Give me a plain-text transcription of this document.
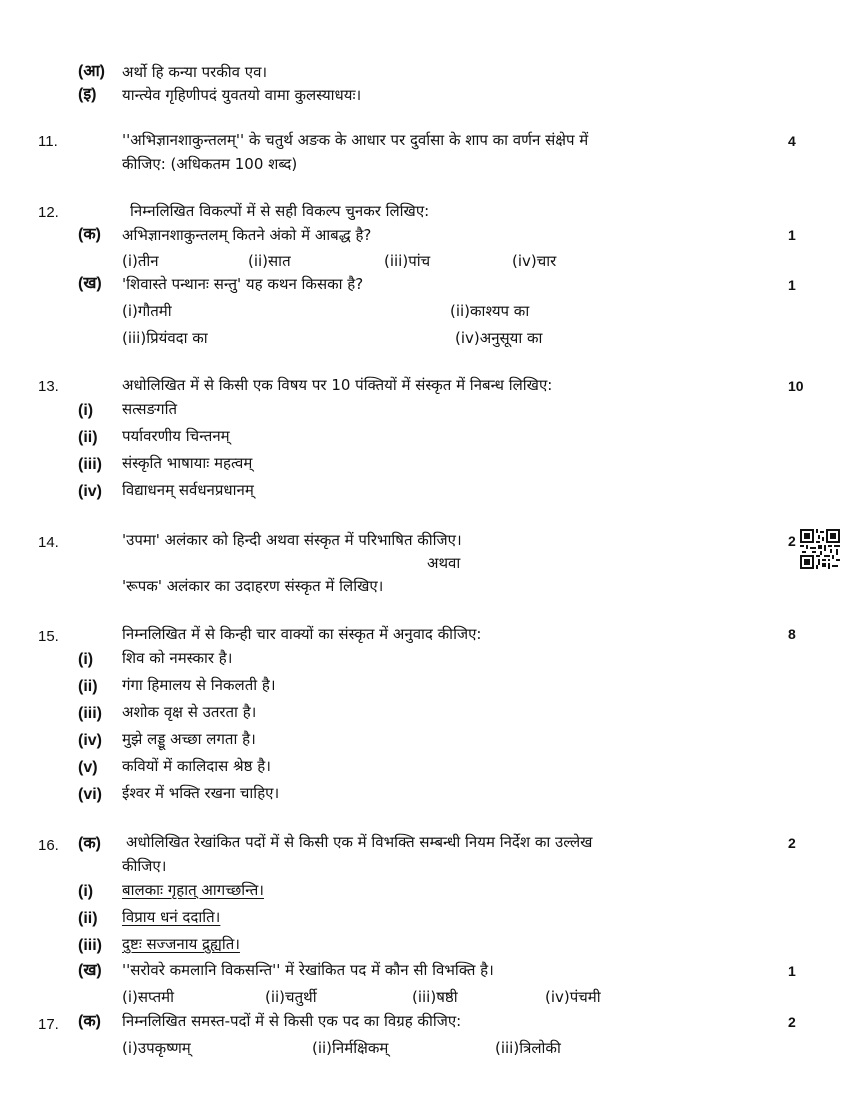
(आ) अर्थो हि कन्या परकीव एव।
(इ) यान्त्येव गृहिणीपदं युवतयो वामा कुलस्याधयः।
11.	''अभिज्ञानशाकुन्तलम्'' के चतुर्थ अङक के आधार पर दुर्वासा के शाप का वर्णन संक्षेप में
कीजिए: (अधिकतम 100 शब्द)
4
12.	निम्नलिखित विकल्पों में से सही विकल्प चुनकर लिखिए:
(क) अभिज्ञानशाकुन्तलम् कितने अंको में आबद्ध है?	1
(i)तीन	(ii)सात	(iii)पांच	(iv)चार
(ख) 'शिवास्ते पन्थानः सन्तु' यह कथन किसका है?	1
(i)गौतमी	(ii)काश्यप का
(iii)प्रियंवदा का	(iv)अनुसूया का
13.	अधोलिखित में से किसी एक विषय पर 10 पंक्तियों में संस्कृत में निबन्ध लिखिए:	10
(i) सत्सङगति
(ii) पर्यावरणीय चिन्तनम्
(iii) संस्कृति भाषायाः महत्वम्
(iv) विद्याधनम् सर्वधनप्रधानम्
14.	'उपमा' अलंकार को हिन्दी अथवा संस्कृत में परिभाषित कीजिए।
अथवा
'रूपक' अलंकार का उदाहरण संस्कृत में लिखिए।
2
15.	निम्नलिखित में से किन्ही चार वाक्यों का संस्कृत में अनुवाद कीजिए:	8
(i) शिव को नमस्कार है।
(ii) गंगा हिमालय से निकलती है।
(iii) अशोक वृक्ष से उतरता है।
(iv) मुझे लड्डू अच्छा लगता है।
(v) कवियों में कालिदास श्रेष्ठ है।
(vi) ईश्वर में भक्ति रखना चाहिए।
16. (क) अधोलिखित रेखांकित पदों में से किसी एक में विभक्ति सम्बन्धी नियम निर्देश का उल्लेख
कीजिए।
2
(i) बालकाः गृहात् आगच्छन्ति।
(ii) विप्राय धनं ददाति।
(iii) दुष्टः सज्जनाय द्रुह्यति।
(ख) ''सरोवरे कमलानि विकसन्ति'' में रेखांकित पद में कौन सी विभक्ति है।	1
(i)सप्तमी	(ii)चतुर्थी	(iii)षष्ठी	(iv)पंचमी
17. (क) निम्नलिखित समस्त-पदों में से किसी एक पद का विग्रह कीजिए:	2
(i)उपकृष्णम्	(ii)निर्मक्षिकम्	(iii)त्रिलोकी
